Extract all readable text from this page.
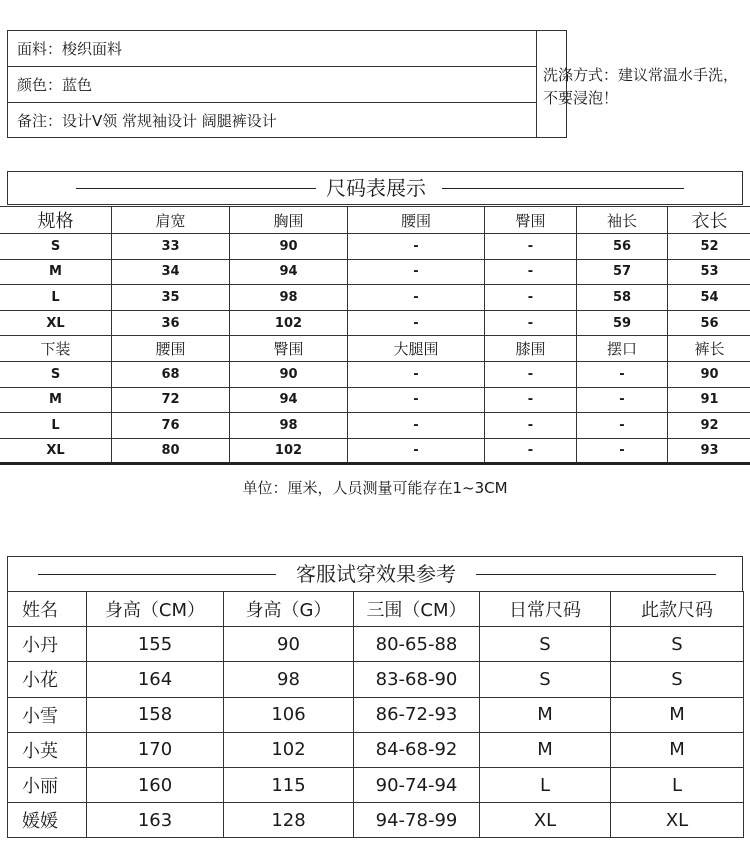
面料：梭织面料
颜色：蓝色
备注：设计V领 常规袖设计 阔腿裤设计
洗涤方式：建议常温水手洗，不要浸泡！
尺码表展示
规格	肩宽	胸围	腰围	臀围	袖长	衣长
S	33	90	-	-	56	52
M	34	94	-	-	57	53
L	35	98	-	-	58	54
XL	36	102	-	-	59	56
下装	腰围	臀围	大腿围	膝围	摆口	裤长
S	68	90	-	-	-	90
M	72	94	-	-	-	91
L	76	98	-	-	-	92
XL	80	102	-	-	-	93
单位：厘米，人员测量可能存在1~3CM
客服试穿效果参考
姓名	身高（CM）	身高（G）	三围（CM）	日常尺码	此款尺码
小丹	155	90	80-65-88	S	S
小花	164	98	83-68-90	S	S
小雪	158	106	86-72-93	M	M
小英	170	102	84-68-92	M	M
小丽	160	115	90-74-94	L	L
媛媛	163	128	94-78-99	XL	XL
